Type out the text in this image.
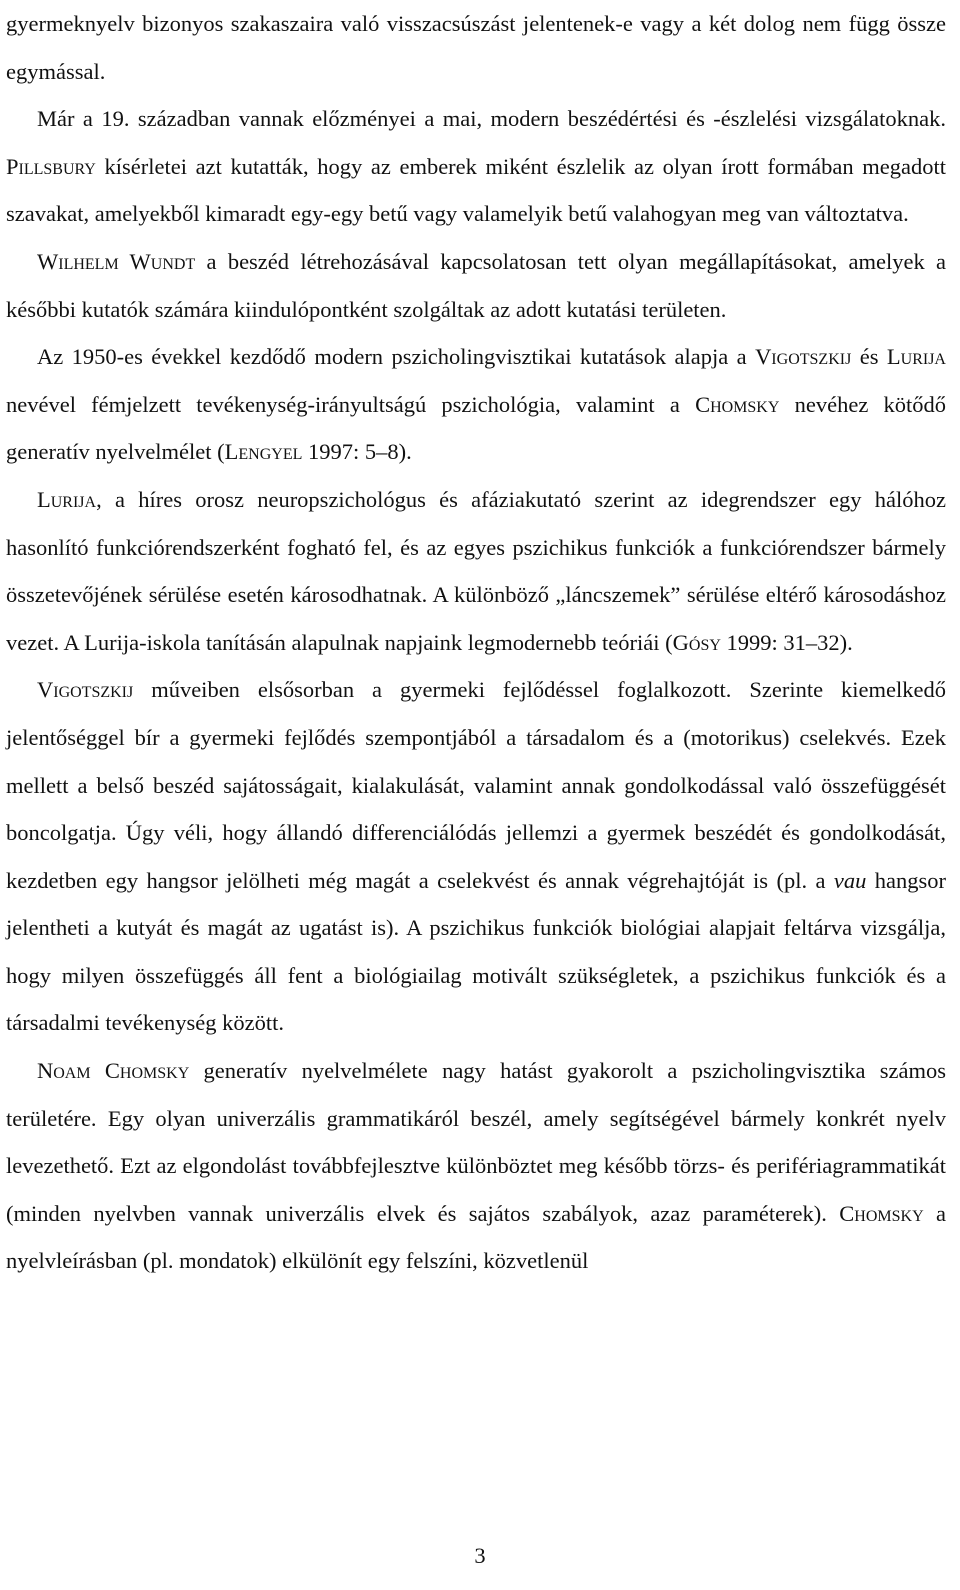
gyermeknyelv bizonyos szakaszaira való visszacsúszást jelentenek-e vagy a két dolog nem függ össze egymással.

Már a 19. században vannak előzményei a mai, modern beszédértési és -észlelési vizsgálatoknak. Pillsbury kísérletei azt kutatták, hogy az emberek miként észlelik az olyan írott formában megadott szavakat, amelyekből kimaradt egy-egy betű vagy valamelyik betű valahogyan meg van változtatva.

Wilhelm Wundt a beszéd létrehozásával kapcsolatosan tett olyan megállapításokat, amelyek a későbbi kutatók számára kiindulópontként szolgáltak az adott kutatási területen.

Az 1950-es évekkel kezdődő modern pszicholingvisztikai kutatások alapja a Vigotszkij és Lurija nevével fémjelzett tevékenység-irányultságú pszichológia, valamint a Chomsky nevéhez kötődő generatív nyelvelmélet (Lengyel 1997: 5–8).

Lurija, a híres orosz neuropszichológus és afáziakutató szerint az idegrendszer egy hálóhoz hasonlító funkciórendszerként fogható fel, és az egyes pszichikus funkciók a funkciórendszer bármely összetevőjének sérülése esetén károsodhatnak. A különböző „láncszemek” sérülése eltérő károsodáshoz vezet. A Lurija-iskola tanításán alapulnak napjaink legmodernebb teóriái (Gósy 1999: 31–32).

Vigotszkij műveiben elsősorban a gyermeki fejlődéssel foglalkozott. Szerinte kiemelkedő jelentőséggel bír a gyermeki fejlődés szempontjából a társadalom és a (motorikus) cselekvés. Ezek mellett a belső beszéd sajátosságait, kialakulását, valamint annak gondolkodással való összefüggését boncolgatja. Úgy véli, hogy állandó differenciálódás jellemzi a gyermek beszédét és gondolkodását, kezdetben egy hangsor jelölheti még magát a cselekvést és annak végrehajtóját is (pl. a vau hangsor jelentheti a kutyát és magát az ugatást is). A pszichikus funkciók biológiai alapjait feltárva vizsgálja, hogy milyen összefüggés áll fent a biológiailag motivált szükségletek, a pszichikus funkciók és a társadalmi tevékenység között.

Noam Chomsky generatív nyelvelmélete nagy hatást gyakorolt a pszicholingvisztika számos területére. Egy olyan univerzális grammatikáról beszél, amely segítségével bármely konkrét nyelv levezethető. Ezt az elgondolást továbbfejlesztve különböztet meg később törzs- és perifériagrammatikát (minden nyelvben vannak univerzális elvek és sajátos szabályok, azaz paraméterek). Chomsky a nyelvleírásban (pl. mondatok) elkülönít egy felszíni, közvetlenül

3
